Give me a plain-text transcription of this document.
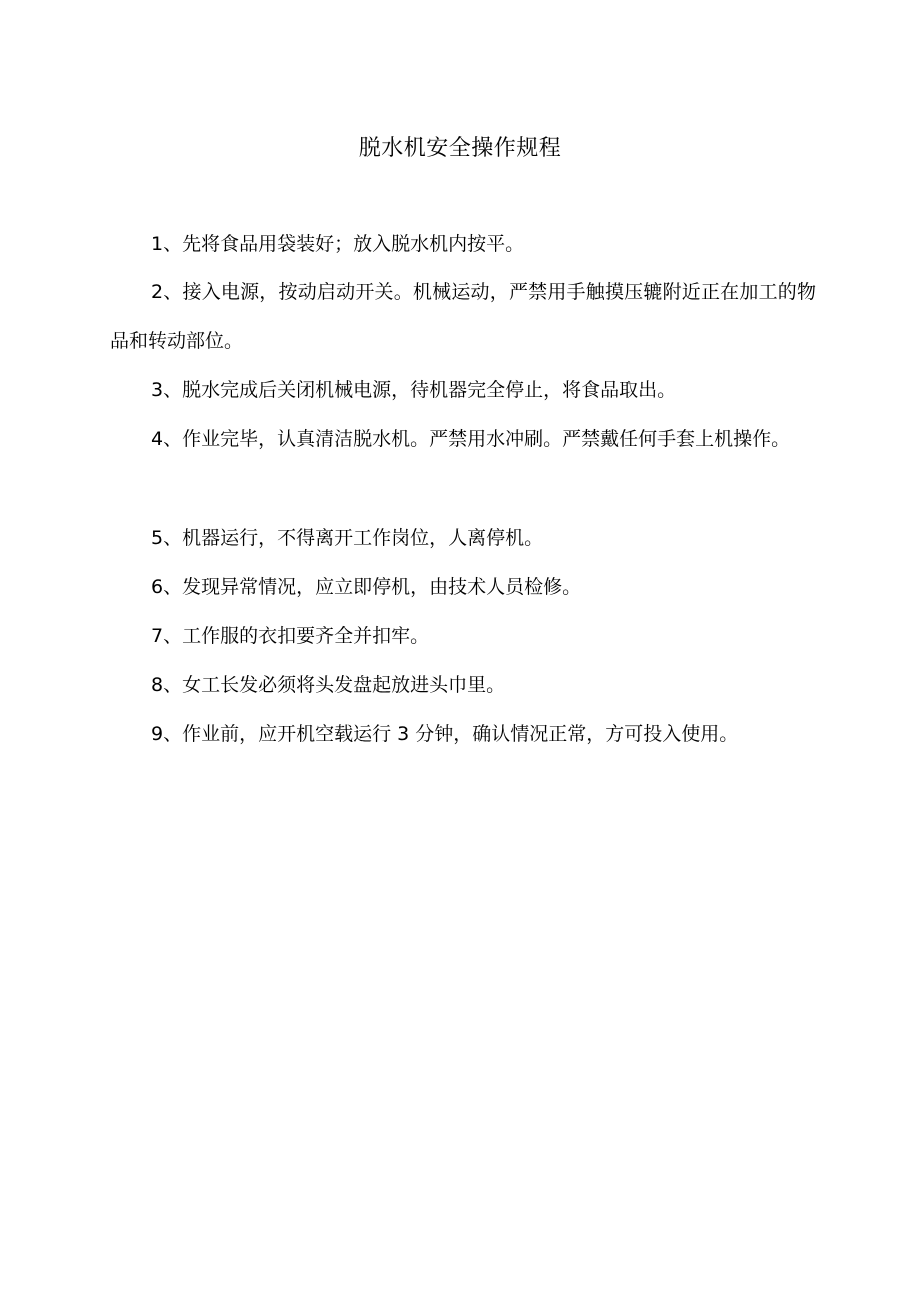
脱水机安全操作规程

1、先将食品用袋装好；放入脱水机内按平。

2、接入电源，按动启动开关。机械运动，严禁用手触摸压辘附近正在加工的物品和转动部位。

3、脱水完成后关闭机械电源，待机器完全停止，将食品取出。

4、作业完毕，认真清洁脱水机。严禁用水冲刷。严禁戴任何手套上机操作。

5、机器运行，不得离开工作岗位，人离停机。

6、发现异常情况，应立即停机，由技术人员检修。

7、工作服的衣扣要齐全并扣牢。

8、女工长发必须将头发盘起放进头巾里。

9、作业前，应开机空载运行 3 分钟，确认情况正常，方可投入使用。
